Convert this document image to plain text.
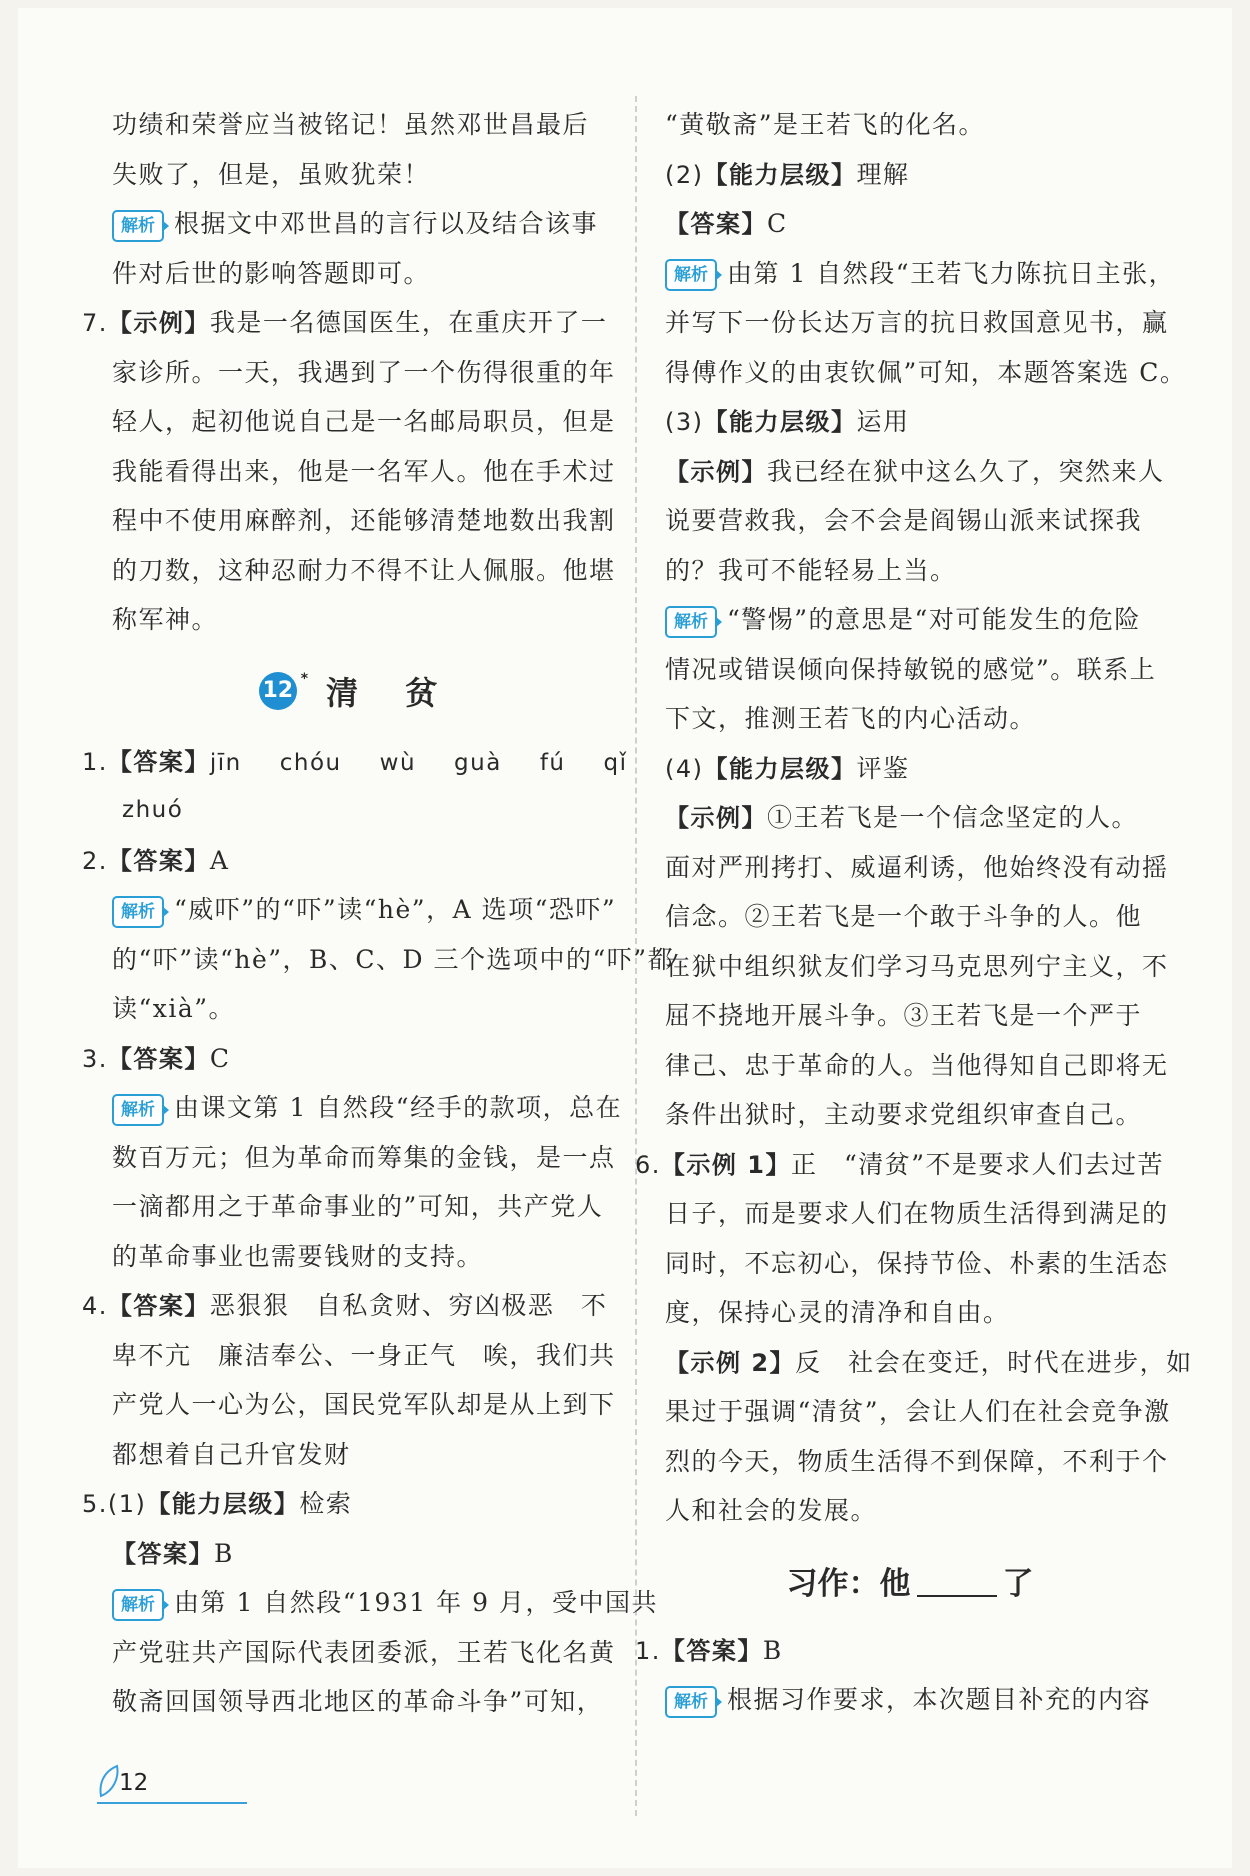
功绩和荣誉应当被铭记！虽然邓世昌最后
失败了，但是，虽败犹荣！
解析 根据文中邓世昌的言行以及结合该事
件对后世的影响答题即可。
7.【示例】我是一名德国医生，在重庆开了一
家诊所。一天，我遇到了一个伤得很重的年
轻人，起初他说自己是一名邮局职员，但是
我能看得出来，他是一名军人。他在手术过
程中不使用麻醉剂，还能够清楚地数出我割
的刀数，这种忍耐力不得不让人佩服。他堪
称军神。
12 * 清 贫
1.【答案】jīn chóu wù guà fú qǐ
zhuó
2.【答案】A
解析 “威吓”的“吓”读“hè”，A 选项“恐吓”
的“吓”读“hè”，B、C、D 三个选项中的“吓”都
读“xià”。
3.【答案】C
解析 由课文第 1 自然段“经手的款项，总在
数百万元；但为革命而筹集的金钱，是一点
一滴都用之于革命事业的”可知，共产党人
的革命事业也需要钱财的支持。
4.【答案】恶狠狠　自私贪财、穷凶极恶　不
卑不亢　廉洁奉公、一身正气　唉，我们共
产党人一心为公，国民党军队却是从上到下
都想着自己升官发财
5.(1)【能力层级】检索
【答案】B
解析 由第 1 自然段“1931 年 9 月，受中国共
产党驻共产国际代表团委派，王若飞化名黄
敬斋回国领导西北地区的革命斗争”可知，
“黄敬斋”是王若飞的化名。
(2)【能力层级】理解
【答案】C
解析 由第 1 自然段“王若飞力陈抗日主张，
并写下一份长达万言的抗日救国意见书，赢
得傅作义的由衷钦佩”可知，本题答案选 C。
(3)【能力层级】运用
【示例】我已经在狱中这么久了，突然来人
说要营救我，会不会是阎锡山派来试探我
的？我可不能轻易上当。
解析 “警惕”的意思是“对可能发生的危险
情况或错误倾向保持敏锐的感觉”。联系上
下文，推测王若飞的内心活动。
(4)【能力层级】评鉴
【示例】①王若飞是一个信念坚定的人。
面对严刑拷打、威逼利诱，他始终没有动摇
信念。②王若飞是一个敢于斗争的人。他
在狱中组织狱友们学习马克思列宁主义，不
屈不挠地开展斗争。③王若飞是一个严于
律己、忠于革命的人。当他得知自己即将无
条件出狱时，主动要求党组织审查自己。
6.【示例 1】正　“清贫”不是要求人们去过苦
日子，而是要求人们在物质生活得到满足的
同时，不忘初心，保持节俭、朴素的生活态
度，保持心灵的清净和自由。
【示例 2】反　社会在变迁，时代在进步，如
果过于强调“清贫”，会让人们在社会竞争激
烈的今天，物质生活得不到保障，不利于个
人和社会的发展。
习作：他	了
1.【答案】B
解析 根据习作要求，本次题目补充的内容
12
